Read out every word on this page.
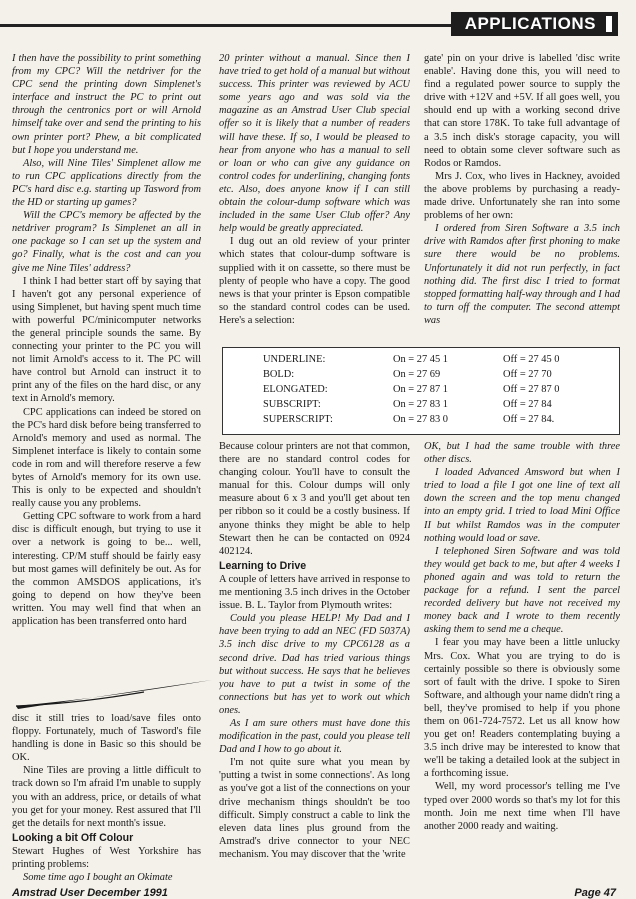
APPLICATIONS

I then have the possibility to print something from my CPC? Will the netdriver for the CPC send the printing down Simplenet's interface and instruct the PC to print out through the centronics port or will Arnold himself take over and send the printing to his own printer port? Phew, a bit complicated but I hope you understand me.

Also, will Nine Tiles' Simplenet allow me to run CPC applications directly from the PC's hard disc e.g. starting up Tasword from the HD or starting up games?

Will the CPC's memory be affected by the netdriver program? Is Simplenet an all in one package so I can set up the system and go? Finally, what is the cost and can you give me Nine Tiles' address?

I think I had better start off by saying that I haven't got any personal experience of using Simplenet, but having spent much time with powerful PC/minicomputer networks the general principle sounds the same. By connecting your printer to the PC you will not limit Arnold's access to it. The PC will have control but Arnold can instruct it to print any of the files on the hard disc, or any text in Arnold's memory.

CPC applications can indeed be stored on the PC's hard disk before being transferred to Arnold's memory and used as normal. The Simplenet interface is likely to contain some code in rom and will therefore reserve a few bytes of Arnold's memory for its own use. This is only to be expected and shouldn't really cause you any problems.

Getting CPC software to work from a hard disc is difficult enough, but trying to use it over a network is going to be... well, interesting. CP/M stuff should be fairly easy but most games will definitely be out. As for the common AMSDOS applications, it's going to depend on how they've been written. You may well find that when an application has been transferred onto hard

disc it still tries to load/save files onto floppy. Fortunately, much of Tasword's file handling is done in Basic so this should be OK.

Nine Tiles are proving a little difficult to track down so I'm afraid I'm unable to supply you with an address, price, or details of what you get for your money. Rest assured that I'll get the details for next month's issue.

Looking a bit Off Colour

Stewart Hughes of West Yorkshire has printing problems:

Some time ago I bought an Okimate

20 printer without a manual. Since then I have tried to get hold of a manual but without success. This printer was reviewed by ACU some years ago and was sold via the magazine as an Amstrad User Club special offer so it is likely that a number of readers will have these. If so, I would be pleased to hear from anyone who has a manual to sell or loan or who can give any guidance on control codes for underlining, changing fonts etc. Also, does anyone know if I can still obtain the colour-dump software which was included in the same User Club offer? Any help would be greatly appreciated.

I dug out an old review of your printer which states that colour-dump software is supplied with it on cassette, so there must be plenty of people who have a copy. The good news is that your printer is Epson compatible so the standard control codes can be used. Here's a selection:

gate' pin on your drive is labelled 'disc write enable'. Having done this, you will need to find a regulated power source to supply the drive with +12V and +5V. If all goes well, you should end up with a working second drive that can store 178K. To take full advantage of a 3.5 inch disk's storage capacity, you will need to obtain some clever software such as Rodos or Ramdos.

Mrs J. Cox, who lives in Hackney, avoided the above problems by purchasing a ready-made drive. Unfortunately she ran into some problems of her own:

I ordered from Siren Software a 3.5 inch drive with Ramdos after first phoning to make sure there would be no problems. Unfortunately it did not run perfectly, in fact nothing did. The first disc I tried to format stopped formatting half-way through and I had to turn off the computer. The second attempt was

UNDERLINE:	On = 27 45 1	Off = 27 45 0
BOLD:	On = 27 69	Off = 27 70
ELONGATED:	On = 27 87 1	Off = 27 87 0
SUBSCRIPT:	On = 27 83 1	Off = 27 84
SUPERSCRIPT:	On = 27 83 0	Off = 27 84.

Because colour printers are not that common, there are no standard control codes for changing colour. You'll have to consult the manual for this. Colour dumps will only measure about 6 x 3 and you'll get about ten per ribbon so it could be a costly business. If anyone thinks they might be able to help Stewart then he can be contacted on 0924 402124.

Learning to Drive

A couple of letters have arrived in response to me mentioning 3.5 inch drives in the October issue. B. L. Taylor from Plymouth writes:

Could you please HELP! My Dad and I have been trying to add an NEC (FD 5037A) 3.5 inch disc drive to my CPC6128 as a second drive. Dad has tried various things but without success. He says that he believes you have to put a twist in some of the connections but has yet to work out which ones.

As I am sure others must have done this modification in the past, could you please tell Dad and I how to go about it.

I'm not quite sure what you mean by 'putting a twist in some connections'. As long as you've got a list of the connections on your drive mechanism things shouldn't be too difficult. Simply construct a cable to link the eleven data lines plus ground from the Amstrad's drive connector to your NEC mechanism. You may discover that the 'write

OK, but I had the same trouble with three other discs.

I loaded Advanced Amsword but when I tried to load a file I got one line of text all down the screen and the top menu changed into an empty grid. I tried to load Mini Office II but whilst Ramdos was in the computer nothing would load or save.

I telephoned Siren Software and was told they would get back to me, but after 4 weeks I phoned again and was told to return the package for a refund. I sent the parcel recorded delivery but have not received my money back and I wrote to them recently asking them to send me a cheque.

I fear you may have been a little unlucky Mrs. Cox. What you are trying to do is certainly possible so there is obviously some sort of fault with the drive. I spoke to Siren Software, and although your name didn't ring a bell, they've promised to help if you phone them on 061-724-7572. Let us all know how you get on! Readers contemplating buying a 3.5 inch drive may be interested to know that we'll be taking a detailed look at the subject in a forthcoming issue.

Well, my word processor's telling me I've typed over 2000 words so that's my lot for this month. Join me next time when I'll have another 2000 ready and waiting.

Amstrad User December 1991	Page 47
